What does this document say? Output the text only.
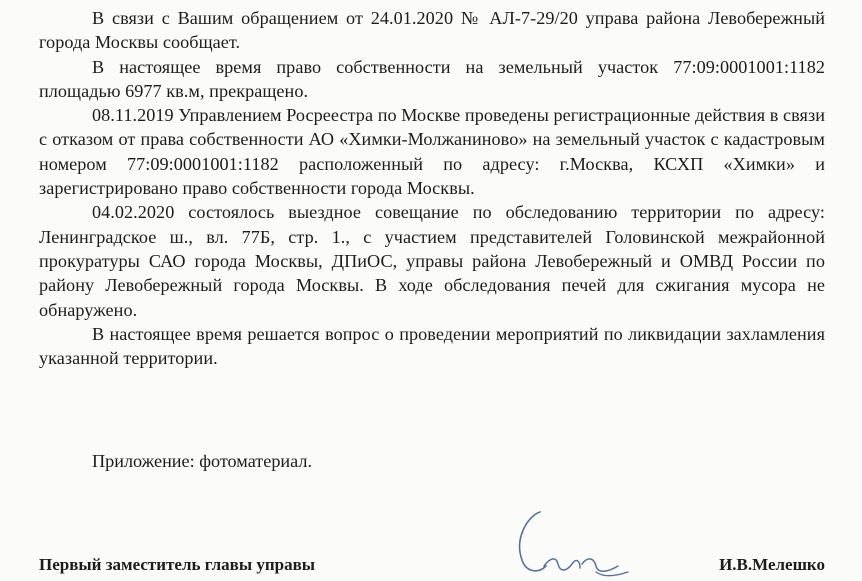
В связи с Вашим обращением от 24.01.2020 № АЛ-7-29/20 управа района Левобережный города Москвы сообщает.

В настоящее время право собственности на земельный участок 77:09:0001001:1182 площадью 6977 кв.м, прекращено.

08.11.2019 Управлением Росреестра по Москве проведены регистрационные действия в связи с отказом от права собственности АО «Химки-Молжаниново» на земельный участок с кадастровым номером 77:09:0001001:1182 расположенный по адресу: г.Москва, КСХП «Химки» и зарегистрировано право собственности города Москвы.

04.02.2020 состоялось выездное совещание по обследованию территории по адресу: Ленинградское ш., вл. 77Б, стр. 1., с участием представителей Головинской межрайонной прокуратуры САО города Москвы, ДПиОС, управы района Левобережный и ОМВД России по району Левобережный города Москвы. В ходе обследования печей для сжигания мусора не обнаружено.

В настоящее время решается вопрос о проведении мероприятий по ликвидации захламления указанной территории.

Приложение: фотоматериал.
Первый заместитель главы управы	И.В.Мелешко
